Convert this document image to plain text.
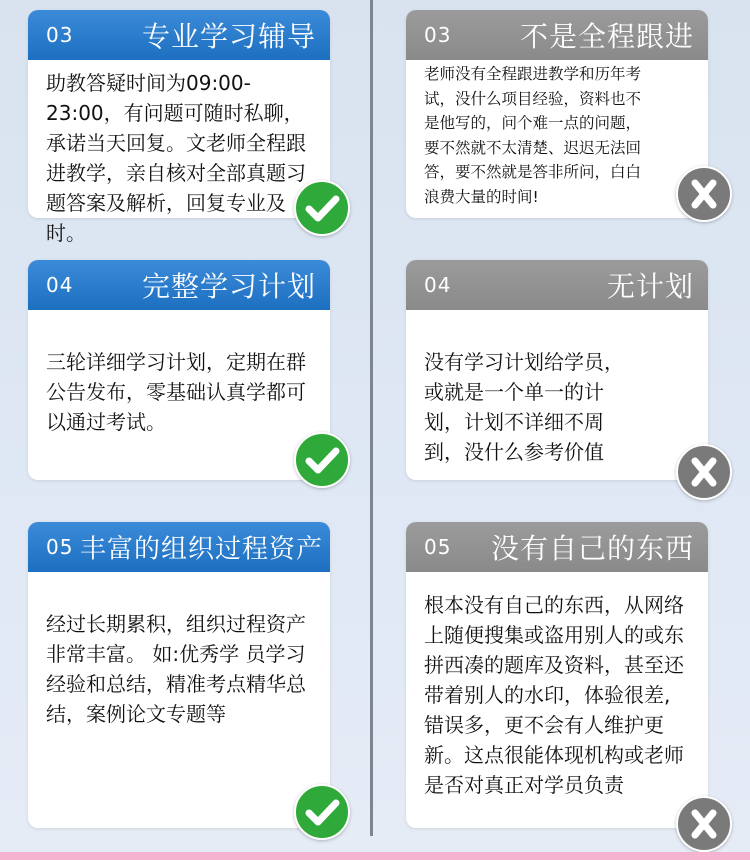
03 专业学习辅导
助教答疑时间为09:00-23:00，有问题可随时私聊，承诺当天回复。文老师全程跟进教学，亲自核对全部真题习题答案及解析，回复专业及时。
04 完整学习计划
三轮详细学习计划，定期在群公告发布，零基础认真学都可以通过考试。
05 丰富的组织过程资产
经过长期累积，组织过程资产非常丰富。 如:优秀学 员学习经验和总结，精准考点精华总结，案例论文专题等
03 不是全程跟进
老师没有全程跟进教学和历年考试，没什么项目经验，资料也不是他写的，问个难一点的问题，要不然就不太清楚、迟迟无法回答，要不然就是答非所问，白白浪费大量的时间!
04	无计划
没有学习计划给学员，或就是一个单一的计划，计划不详细不周到，没什么参考价值
05 没有自己的东西
根本没有自己的东西，从网络上随便搜集或盗用别人的或东拼西凑的题库及资料，甚至还带着别人的水印，体验很差,错误多，更不会有人维护更新。这点很能体现机构或老师是否对真正对学员负责
